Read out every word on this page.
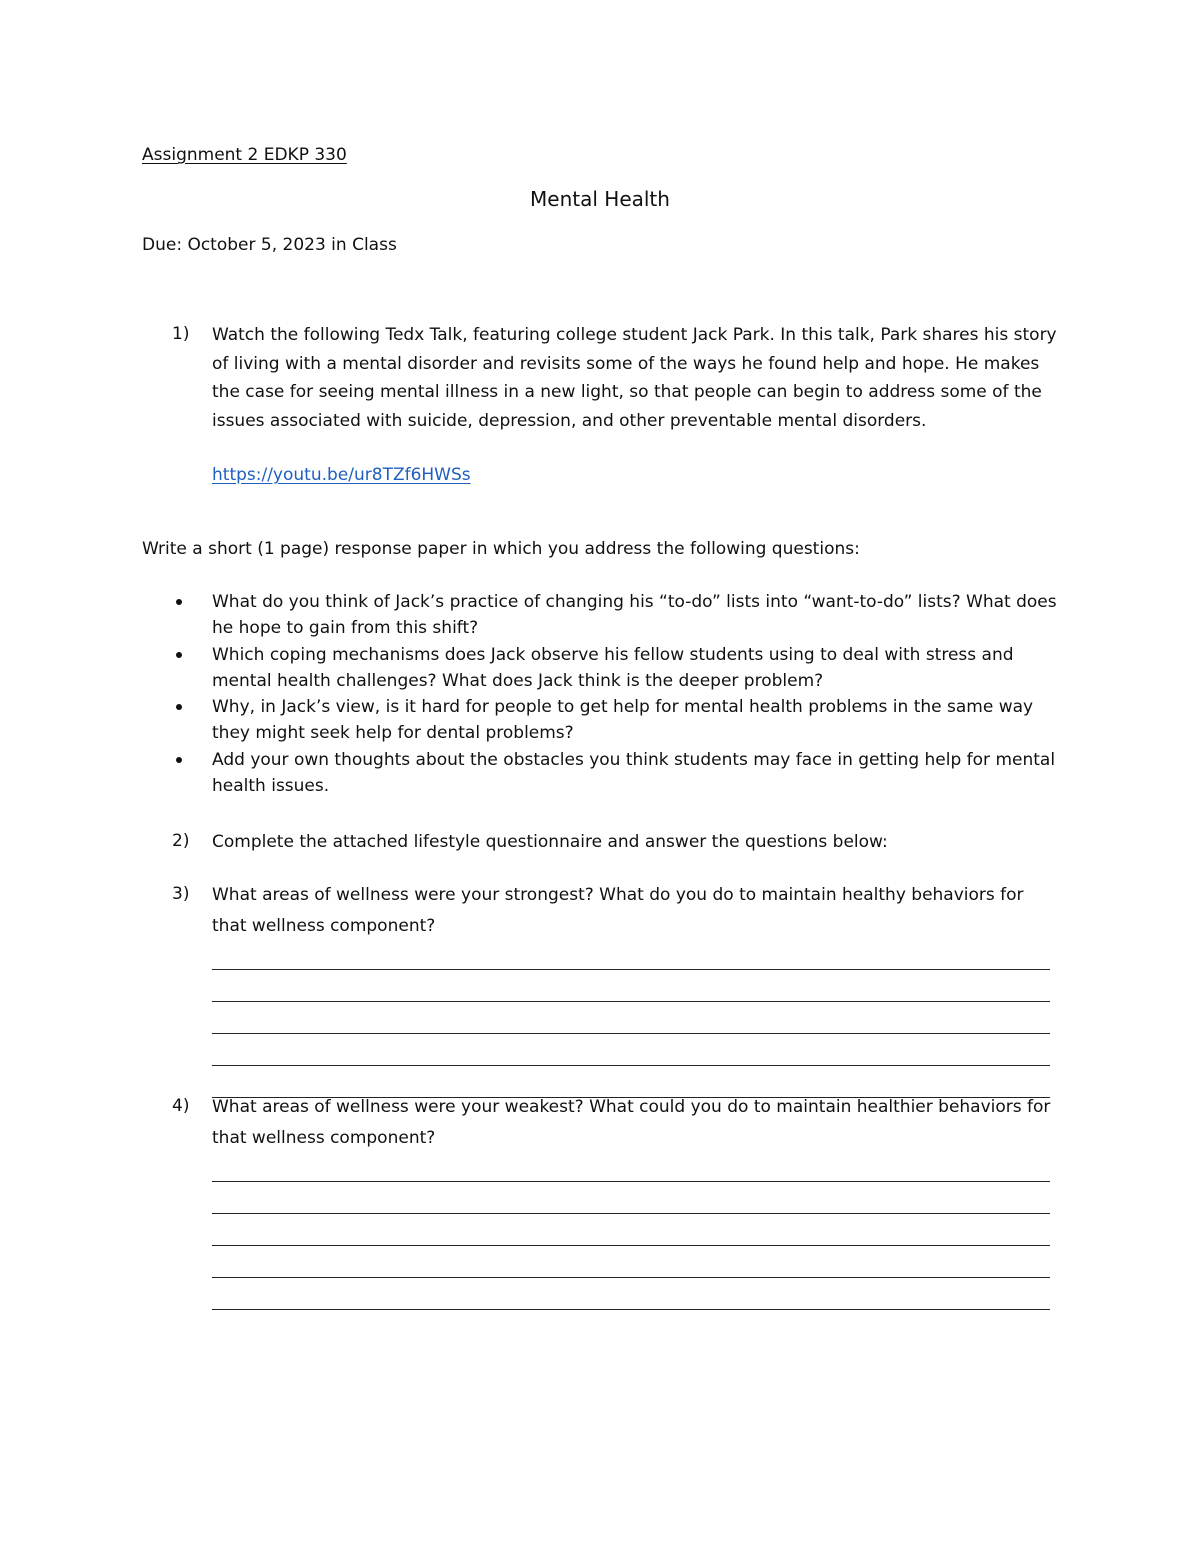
Assignment 2 EDKP 330
Mental Health
Due: October 5, 2023 in Class
1) Watch the following Tedx Talk, featuring college student Jack Park. In this talk, Park shares his story of living with a mental disorder and revisits some of the ways he found help and hope. He makes the case for seeing mental illness in a new light, so that people can begin to address some of the issues associated with suicide, depression, and other preventable mental disorders.
https://youtu.be/ur8TZf6HWSs
Write a short (1 page) response paper in which you address the following questions:
What do you think of Jack’s practice of changing his “to-do” lists into “want-to-do” lists? What does he hope to gain from this shift?
Which coping mechanisms does Jack observe his fellow students using to deal with stress and mental health challenges? What does Jack think is the deeper problem?
Why, in Jack’s view, is it hard for people to get help for mental health problems in the same way they might seek help for dental problems?
Add your own thoughts about the obstacles you think students may face in getting help for mental health issues.
2) Complete the attached lifestyle questionnaire and answer the questions below:
3) What areas of wellness were your strongest? What do you do to maintain healthy behaviors for that wellness component?
4) What areas of wellness were your weakest? What could you do to maintain healthier behaviors for that wellness component?
